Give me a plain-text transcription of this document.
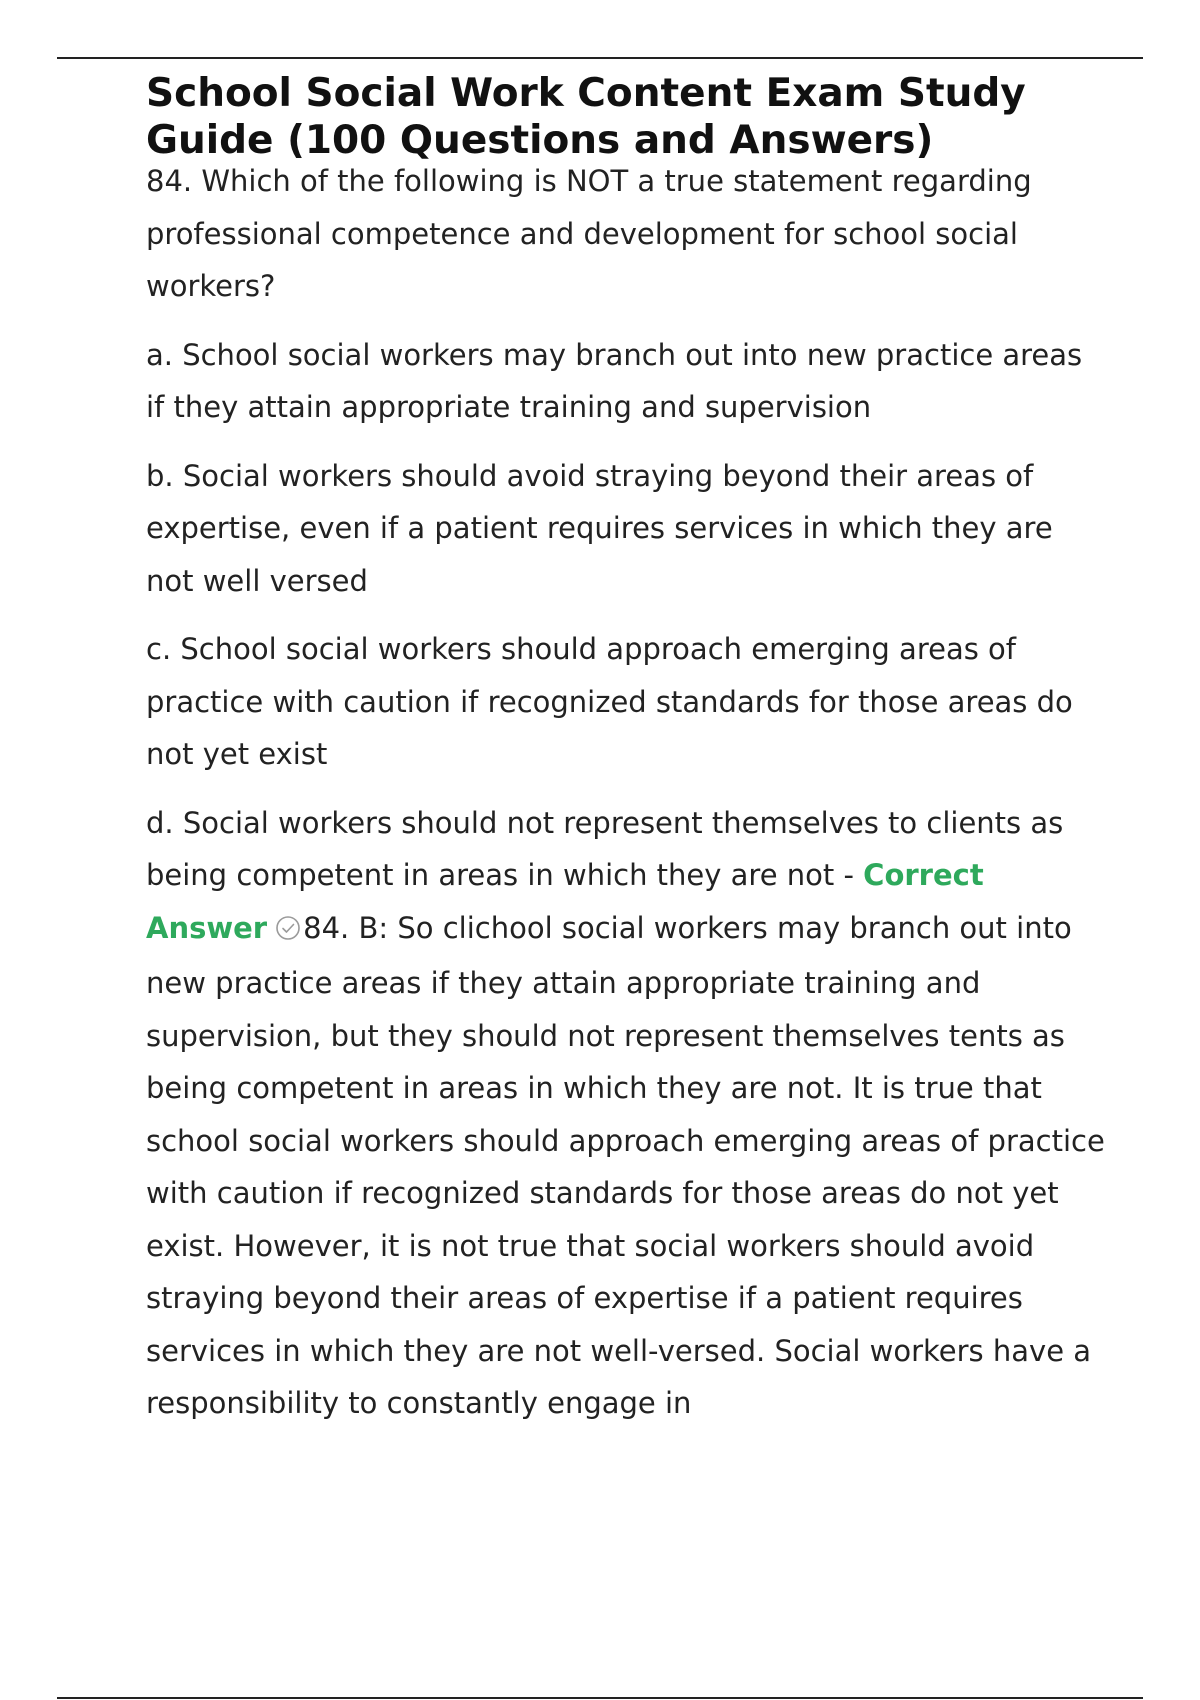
School Social Work Content Exam Study Guide (100 Questions and Answers)

84. Which of the following is NOT a true statement regarding professional competence and development for school social workers?

a. School social workers may branch out into new practice areas if they attain appropriate training and supervision

b. Social workers should avoid straying beyond their areas of expertise, even if a patient requires services in which they are not well versed

c. School social workers should approach emerging areas of practice with caution if recognized standards for those areas do not yet exist

d. Social workers should not represent themselves to clients as being competent in areas in which they are not - Correct Answer 84. B: So clichool social workers may branch out into new practice areas if they attain appropriate training and supervision, but they should not represent themselves tents as being competent in areas in which they are not. It is true that school social workers should approach emerging areas of practice with caution if recognized standards for those areas do not yet exist. However, it is not true that social workers should avoid straying beyond their areas of expertise if a patient requires services in which they are not well-versed. Social workers have a responsibility to constantly engage in
